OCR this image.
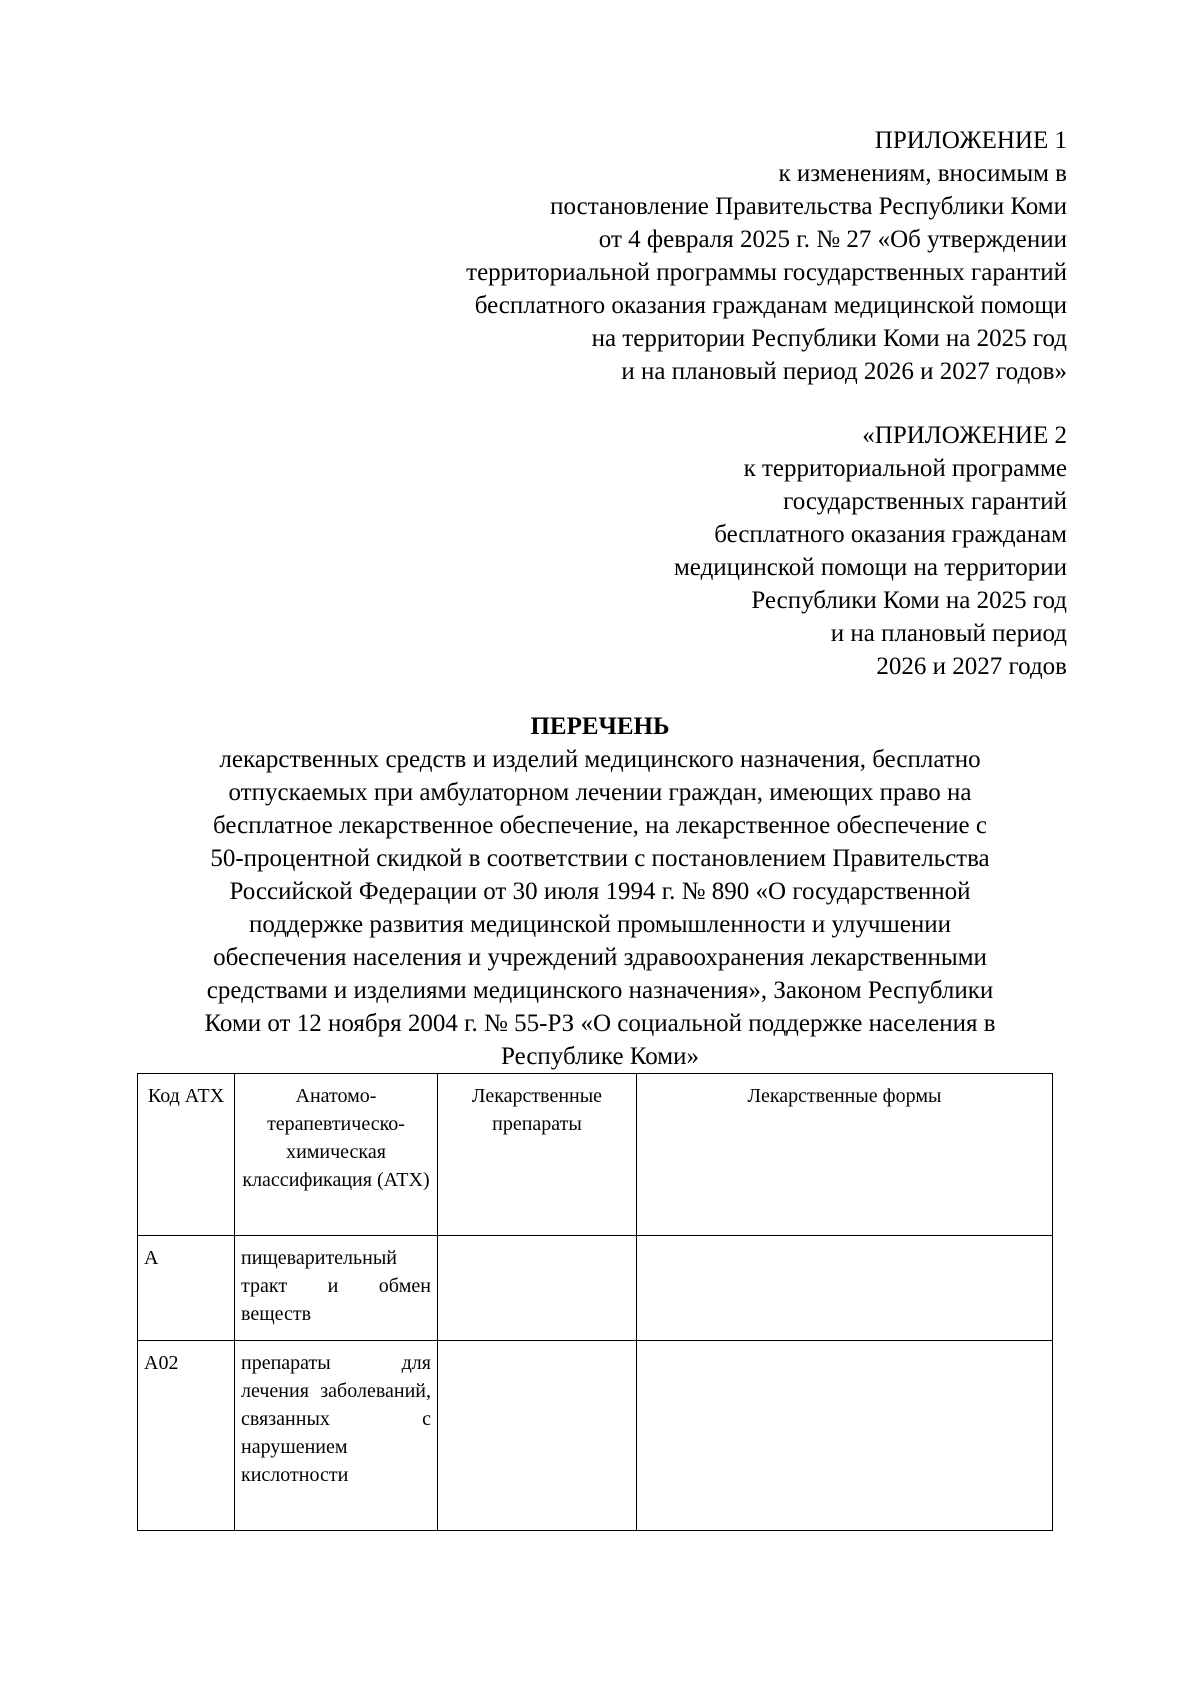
ПРИЛОЖЕНИЕ 1
к изменениям, вносимым в
постановление Правительства Республики Коми
от 4 февраля 2025 г. № 27 «Об утверждении
территориальной программы государственных гарантий
бесплатного оказания гражданам медицинской помощи
на территории Республики Коми на 2025 год
и на плановый период 2026 и 2027 годов»
«ПРИЛОЖЕНИЕ 2
к территориальной программе
государственных гарантий
бесплатного оказания гражданам
медицинской помощи на территории
Республики Коми на 2025 год
и на плановый период
2026 и 2027 годов
ПЕРЕЧЕНЬ
лекарственных средств и изделий медицинского назначения, бесплатно
отпускаемых при амбулаторном лечении граждан, имеющих право на
бесплатное лекарственное обеспечение, на лекарственное обеспечение с
50-процентной скидкой в соответствии с постановлением Правительства
Российской Федерации от 30 июля 1994 г. № 890 «О государственной
поддержке развития медицинской промышленности и улучшении
обеспечения населения и учреждений здравоохранения лекарственными
средствами и изделиями медицинского назначения», Законом Республики
Коми от 12 ноября 2004 г. № 55-РЗ «О социальной поддержке населения в
Республике Коми»
Код АТХ	Анатомо-терапевтическо-химическая классификация (АТХ)	Лекарственные препараты	Лекарственные формы
А	пищеварительный тракт и обмен веществ		
А02	препараты для лечения заболеваний, связанных с нарушением кислотности		
